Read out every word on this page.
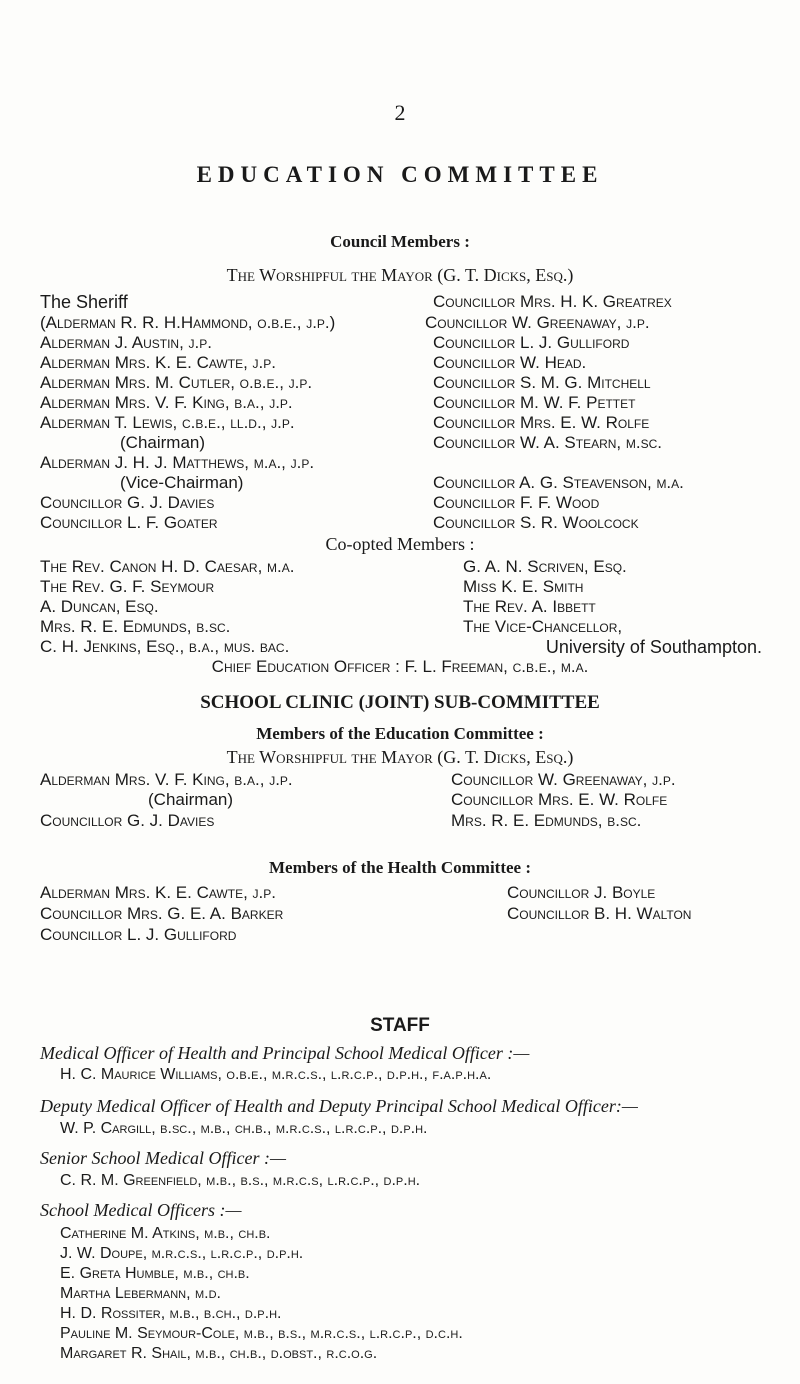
2
EDUCATION COMMITTEE
Council Members :
The Worshipful the Mayor (G. T. Dicks, Esq.)
The Sheriff
(Alderman R. R. H.Hammond, o.b.e., j.p.)
Alderman J. Austin, j.p.
Alderman Mrs. K. E. Cawte, j.p.
Alderman Mrs. M. Cutler, o.b.e., j.p.
Alderman Mrs. V. F. King, b.a., j.p.
Alderman T. Lewis, c.b.e., ll.d., j.p.
(Chairman)
Alderman J. H. J. Matthews, m.a., j.p.
(Vice-Chairman)
Councillor G. J. Davies
Councillor L. F. Goater
Councillor Mrs. H. K. Greatrex
Councillor W. Greenaway, j.p.
Councillor L. J. Gulliford
Councillor W. Head.
Councillor S. M. G. Mitchell
Councillor M. W. F. Pettet
Councillor Mrs. E. W. Rolfe
Councillor W. A. Stearn, m.sc.
Councillor A. G. Steavenson, m.a.
Councillor F. F. Wood
Councillor S. R. Woolcock
Co-opted Members :
The Rev. Canon H. D. Caesar, m.a.
The Rev. G. F. Seymour
A. Duncan, Esq.
Mrs. R. E. Edmunds, b.sc.
C. H. Jenkins, Esq., b.a., mus. bac.
G. A. N. Scriven, Esq.
Miss K. E. Smith
The Rev. A. Ibbett
The Vice-Chancellor,
University of Southampton.
Chief Education Officer : F. L. Freeman, c.b.e., m.a.
SCHOOL CLINIC (JOINT) SUB-COMMITTEE
Members of the Education Committee :
The Worshipful the Mayor (G. T. Dicks, Esq.)
Alderman Mrs. V. F. King, b.a., j.p.
(Chairman)
Councillor G. J. Davies
Councillor W. Greenaway, j.p.
Councillor Mrs. E. W. Rolfe
Mrs. R. E. Edmunds, b.sc.
Members of the Health Committee :
Alderman Mrs. K. E. Cawte, j.p.
Councillor Mrs. G. E. A. Barker
Councillor L. J. Gulliford
Councillor J. Boyle
Councillor B. H. Walton
STAFF
Medical Officer of Health and Principal School Medical Officer :—
H. C. Maurice Williams, o.b.e., m.r.c.s., l.r.c.p., d.p.h., f.a.p.h.a.
Deputy Medical Officer of Health and Deputy Principal School Medical Officer:—
W. P. Cargill, b.sc., m.b., ch.b., m.r.c.s., l.r.c.p., d.p.h.
Senior School Medical Officer :—
C. R. M. Greenfield, m.b., b.s., m.r.c.s, l.r.c.p., d.p.h.
School Medical Officers :—
Catherine M. Atkins, m.b., ch.b.
J. W. Doupe, m.r.c.s., l.r.c.p., d.p.h.
E. Greta Humble, m.b., ch.b.
Martha Lebermann, m.d.
H. D. Rossiter, m.b., b.ch., d.p.h.
Pauline M. Seymour-Cole, m.b., b.s., m.r.c.s., l.r.c.p., d.c.h.
Margaret R. Shail, m.b., ch.b., d.obst., r.c.o.g.
